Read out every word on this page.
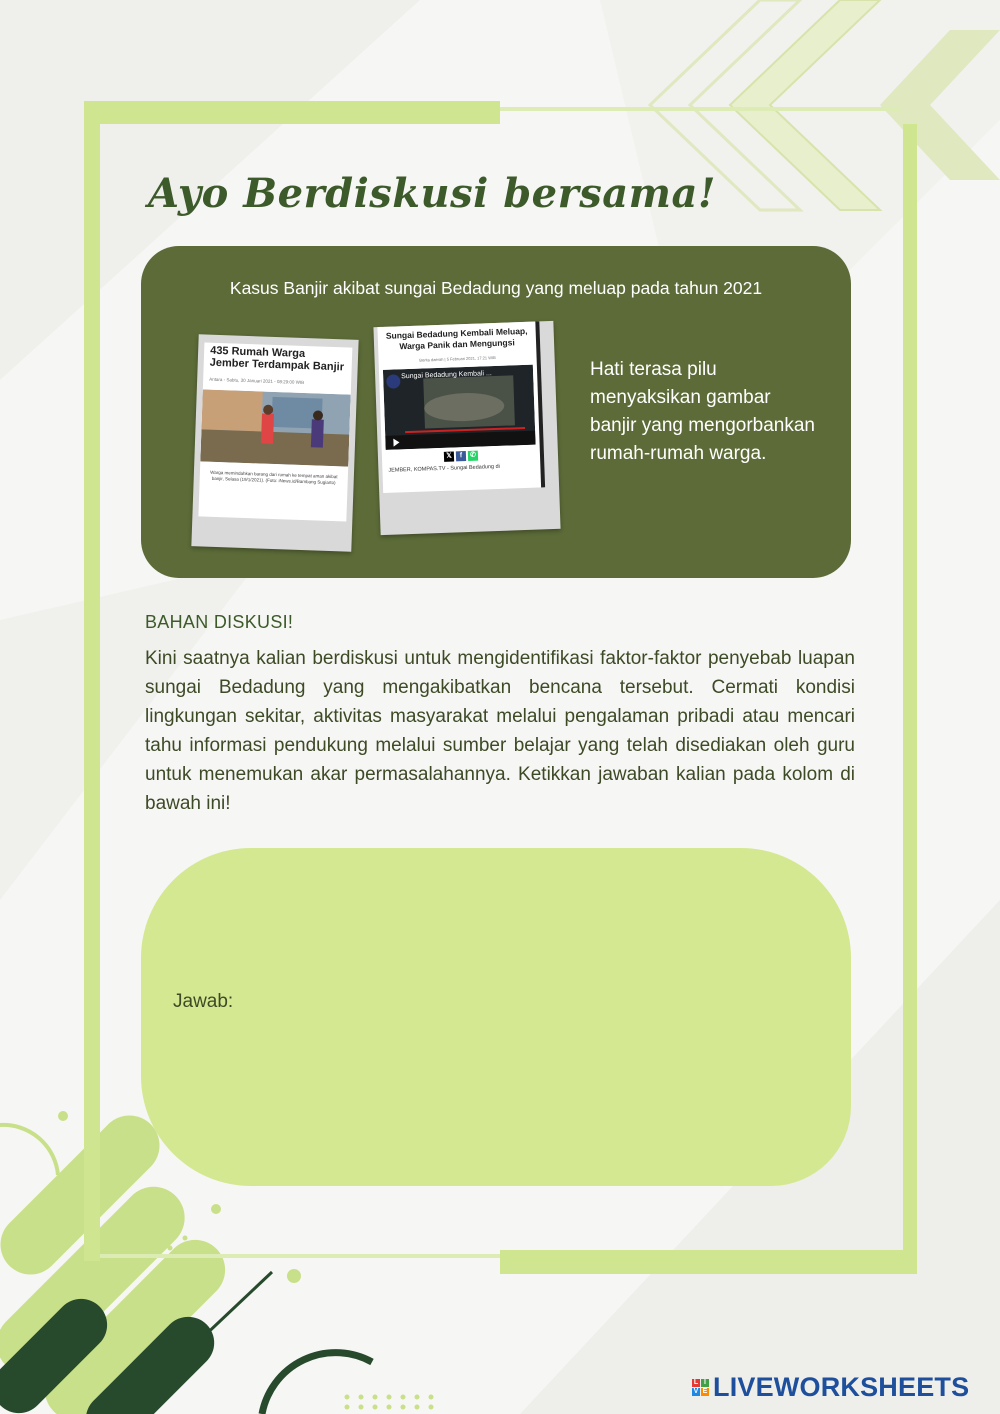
Ayo Berdiskusi bersama!
Kasus Banjir akibat sungai Bedadung yang meluap pada tahun 2021
435 Rumah Warga Jember Terdampak Banjir
Antara - Sabtu, 30 Januari 2021 - 08:29:00 WIB
Warga memindahkan barang dari rumah ke tempat aman akibat banjir, Selasa (19/1/2021). (Foto: iNews.id/Bambang Sugiarto)
Sungai Bedadung Kembali Meluap, Warga Panik dan Mengungsi
Berita daerah | 5 Februari 2021, 17:21 WIB
Sungai Bedadung Kembali ...
𝕏	f	✆
JEMBER, KOMPAS.TV - Sungai Bedadung di
Hati terasa pilu menyaksikan gambar banjir yang mengorbankan rumah-rumah warga.
BAHAN DISKUSI!

Kini saatnya kalian berdiskusi untuk mengidentifikasi faktor-faktor penyebab luapan sungai Bedadung yang mengakibatkan bencana tersebut. Cermati kondisi lingkungan sekitar, aktivitas masyarakat melalui pengalaman pribadi atau mencari tahu informasi pendukung melalui sumber belajar yang telah disediakan oleh guru untuk menemukan akar permasalahannya. Ketikkan jawaban kalian pada kolom di bawah ini!

Jawab:
L I
V E LIVEWORKSHEETS
